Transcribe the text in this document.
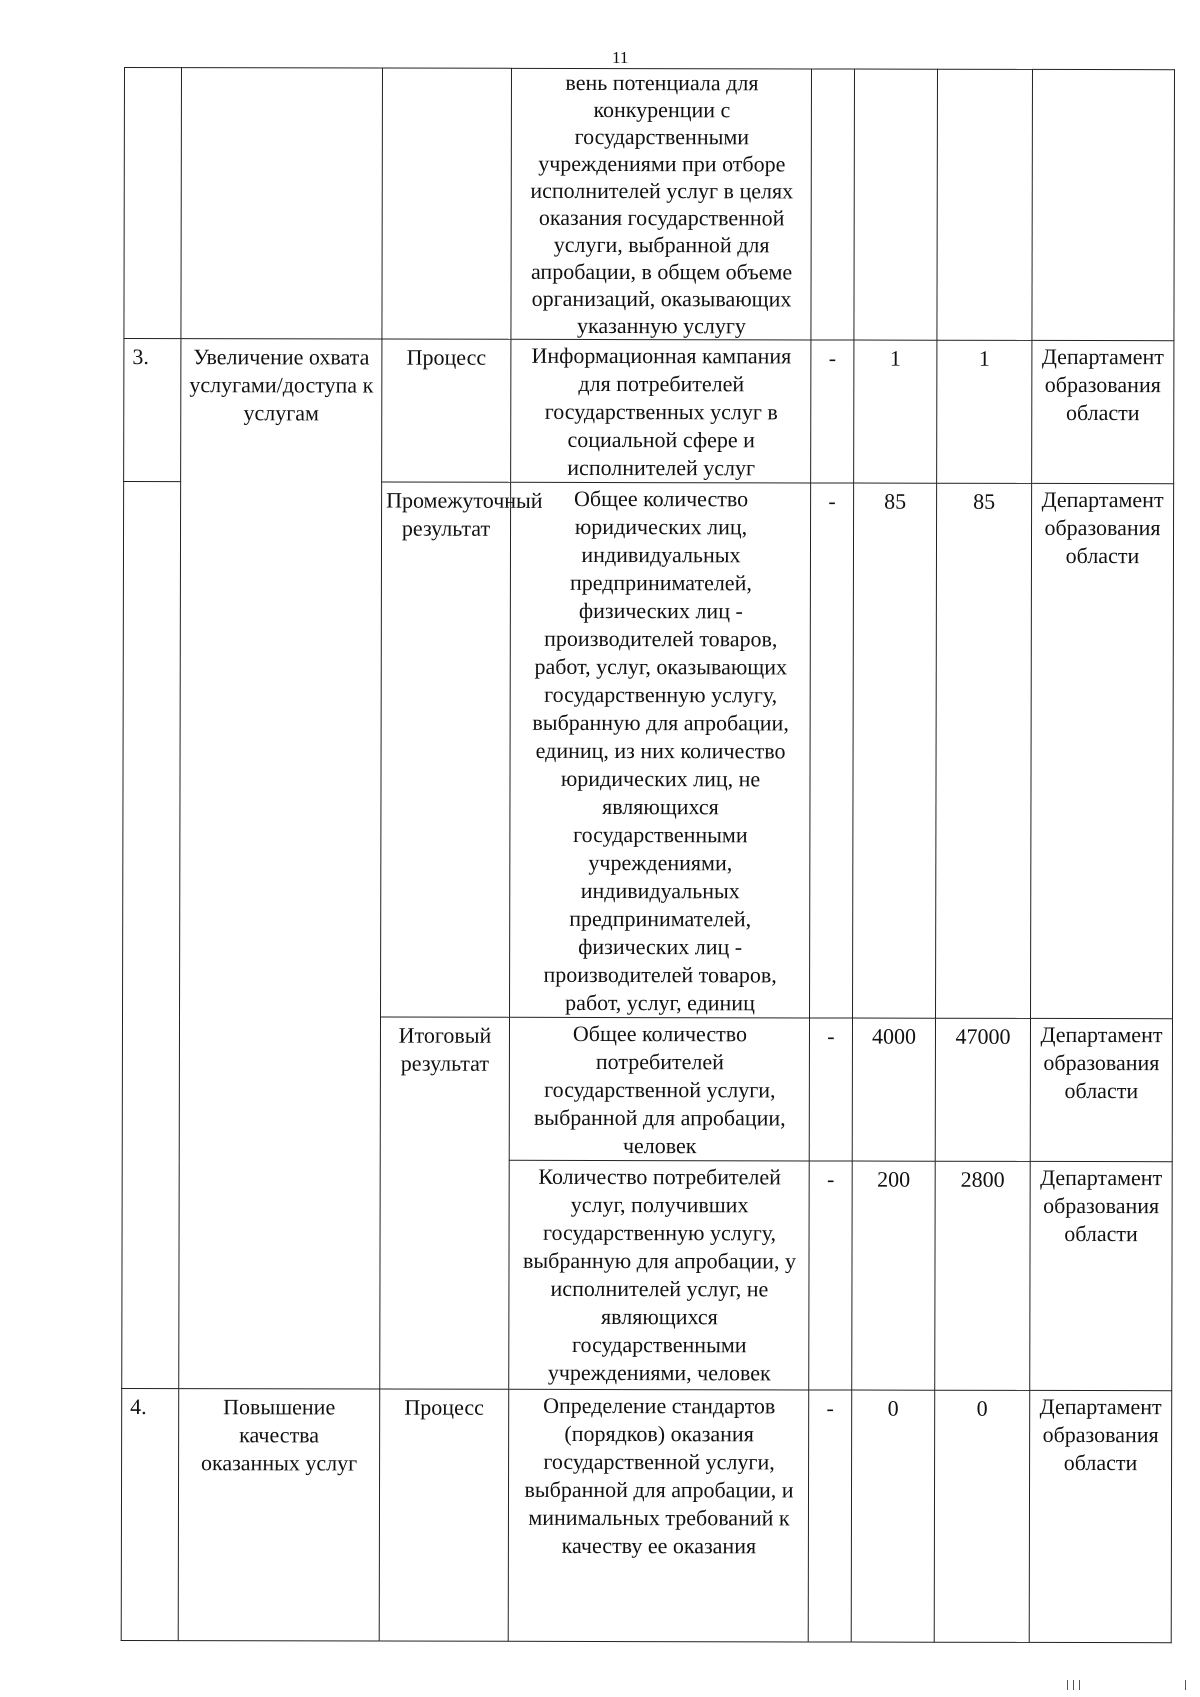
11
			вень потенциала для конкуренции с государственными учреждениями при отборе исполнителей услуг в целях оказания государственной услуги, выбранной для апробации, в общем объеме организаций, оказывающих указанную услугу				
3.	Увеличение охвата услугами/доступа к услугам	Процесс	Информационная кампания для потребителей государственных услуг в социальной сфере и исполнителей услуг	-	1	1	Департамент образования области
		Промежуточный результат	Общее количество юридических лиц, индивидуальных предпринимателей, физических лиц - производителей товаров, работ, услуг, оказывающих государственную услугу, выбранную для апробации, единиц, из них количество юридических лиц, не являющихся государственными учреждениями, индивидуальных предпринимателей, физических лиц - производителей товаров, работ, услуг, единиц	-	85	85	Департамент образования области
		Итоговый результат	Общее количество потребителей государственной услуги, выбранной для апробации, человек	-	4000	47000	Департамент образования области
			Количество потребителей услуг, получивших государственную услугу, выбранную для апробации, у исполнителей услуг, не являющихся государственными учреждениями, человек	-	200	2800	Департамент образования области
4.	Повышение качества оказанных услуг	Процесс	Определение стандартов (порядков) оказания государственной услуги, выбранной для апробации, и минимальных требований к качеству ее оказания	-	0	0	Департамент образования области
